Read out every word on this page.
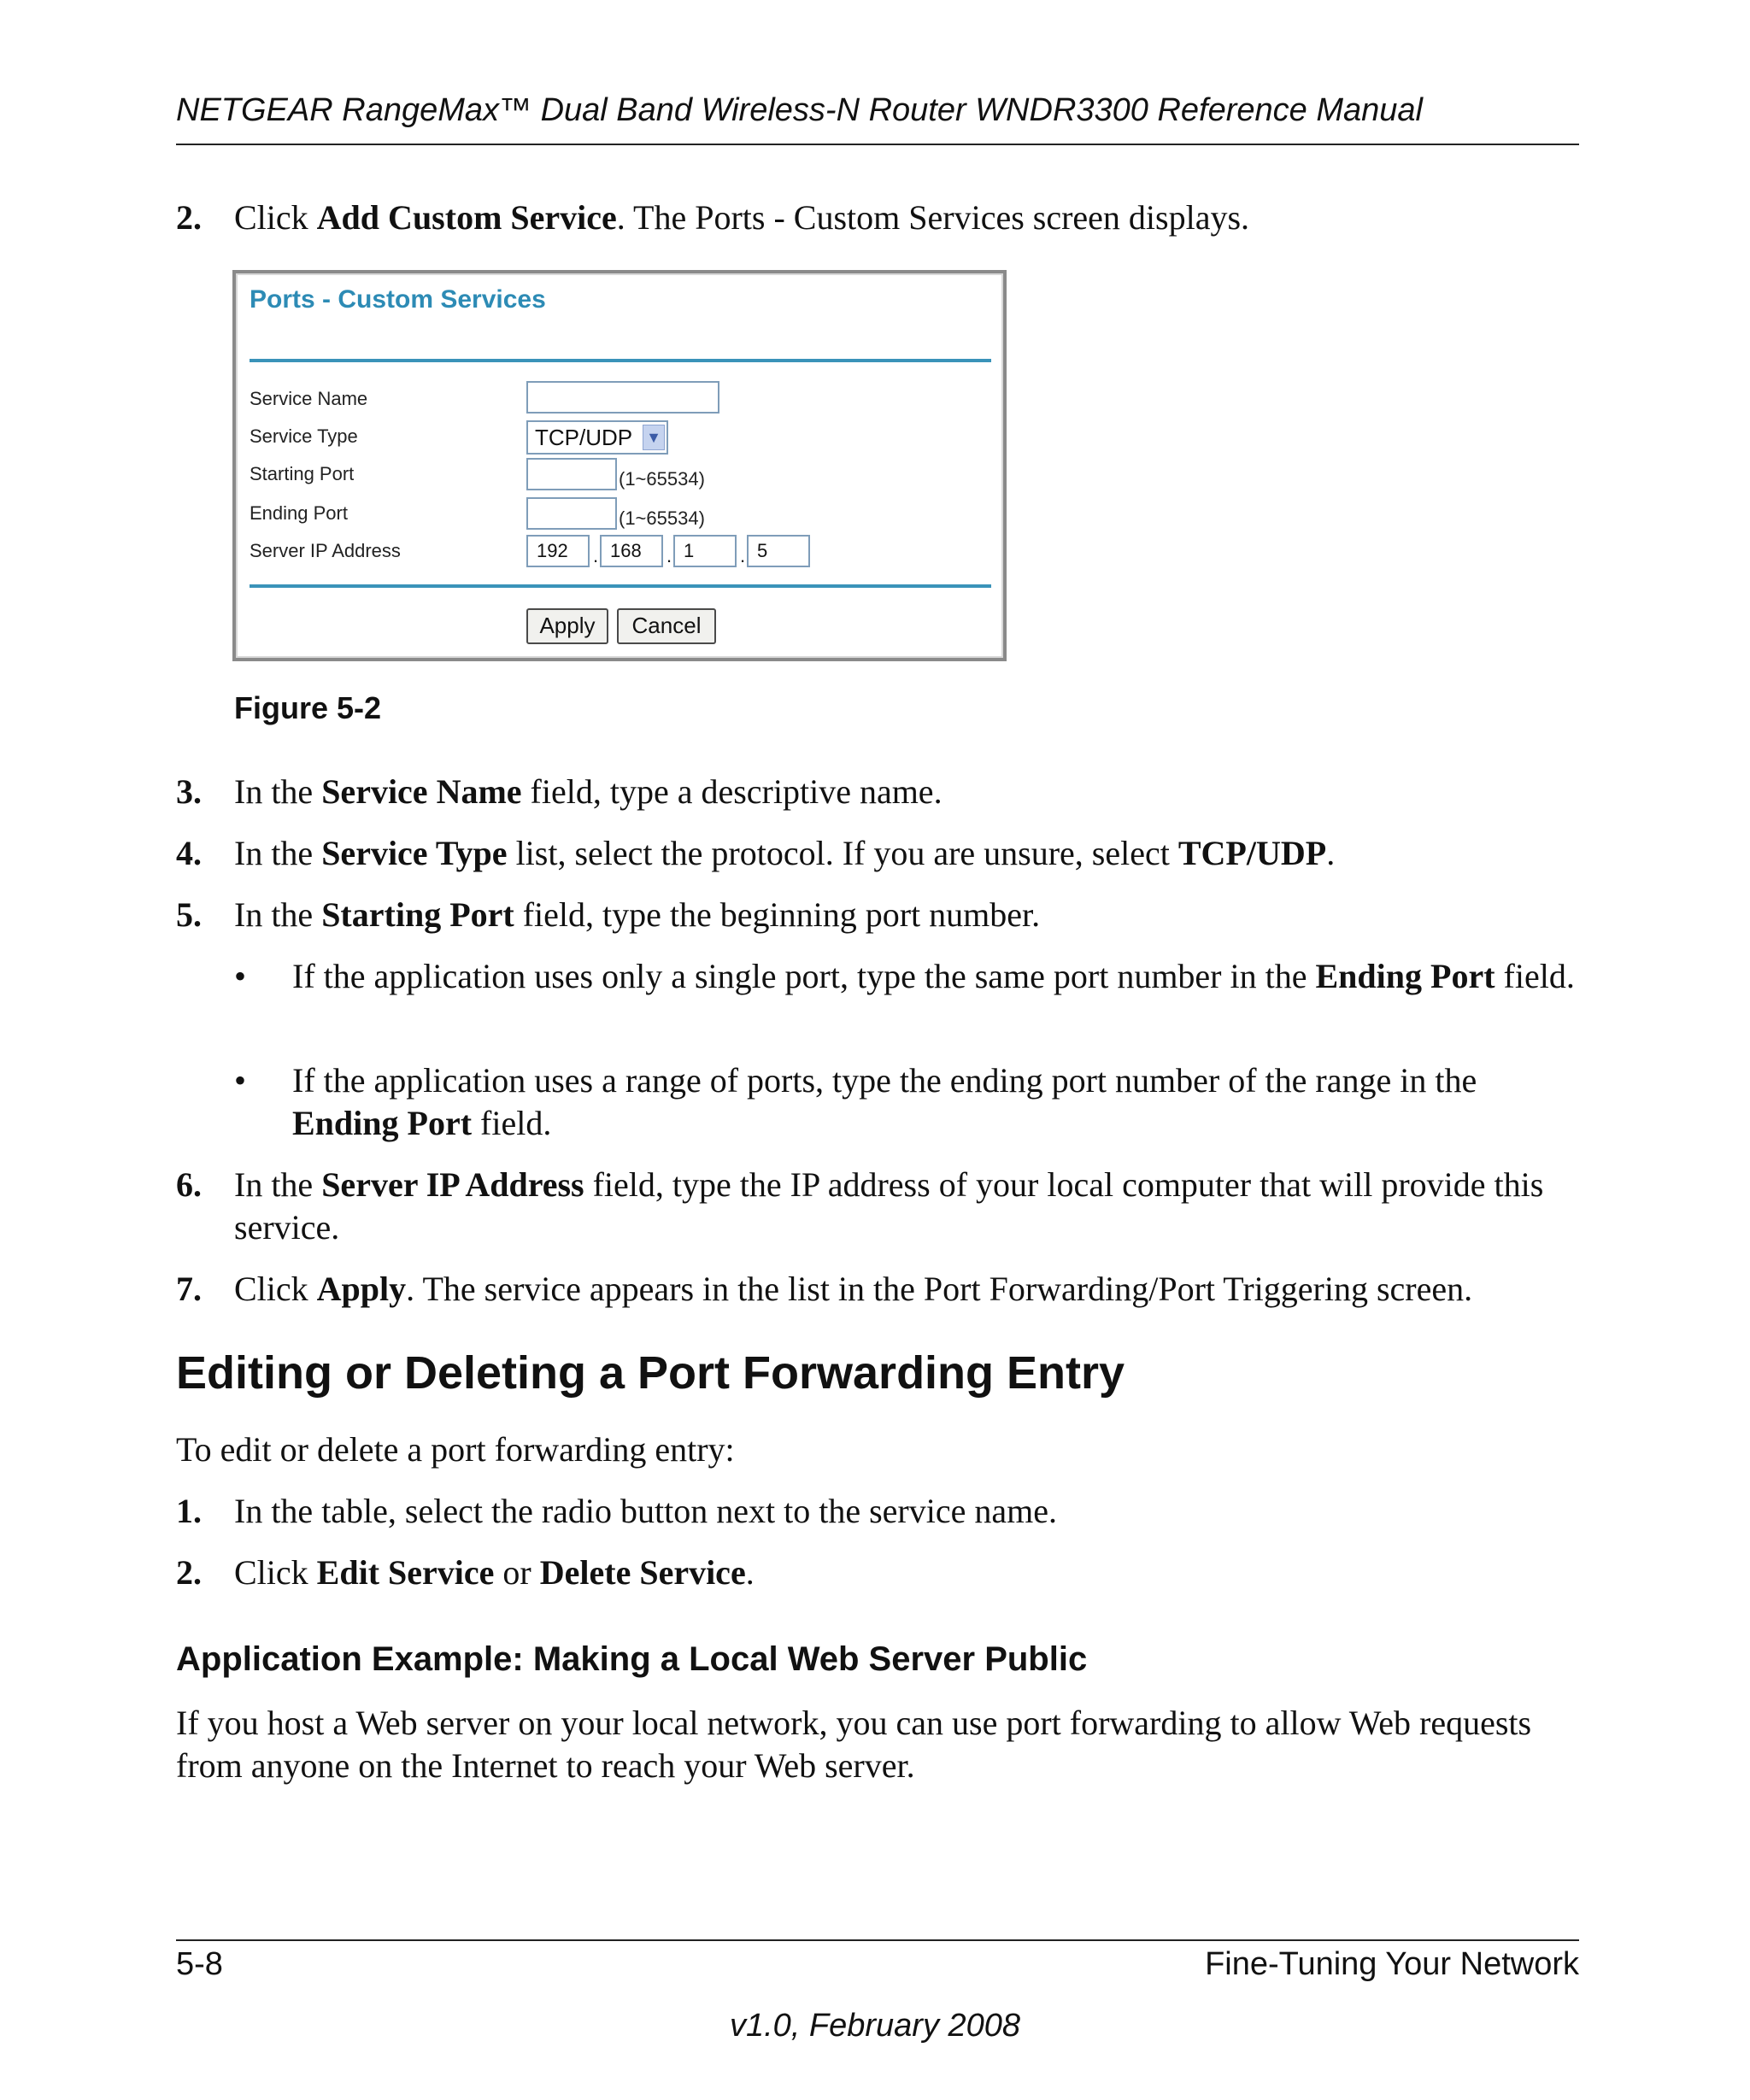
NETGEAR RangeMax™ Dual Band Wireless-N Router WNDR3300 Reference Manual
2. Click Add Custom Service. The Ports - Custom Services screen displays.
Ports - Custom Services
Service Name
Service Type	TCP/UDP ▼
Starting Port	(1~65534)
Ending Port	(1~65534)
Server IP Address	192	. 168	. 1	. 5
Apply	Cancel
Figure 5-2
3. In the Service Name field, type a descriptive name.
4. In the Service Type list, select the protocol. If you are unsure, select TCP/UDP.
5. In the Starting Port field, type the beginning port number.
• If the application uses only a single port, type the same port number in the Ending Port field.
• If the application uses a range of ports, type the ending port number of the range in the Ending Port field.
6. In the Server IP Address field, type the IP address of your local computer that will provide this service.
7. Click Apply. The service appears in the list in the Port Forwarding/Port Triggering screen.
Editing or Deleting a Port Forwarding Entry
To edit or delete a port forwarding entry:
1. In the table, select the radio button next to the service name.
2. Click Edit Service or Delete Service.
Application Example: Making a Local Web Server Public
If you host a Web server on your local network, you can use port forwarding to allow Web requests from anyone on the Internet to reach your Web server.
5-8	Fine-Tuning Your Network
v1.0, February 2008
